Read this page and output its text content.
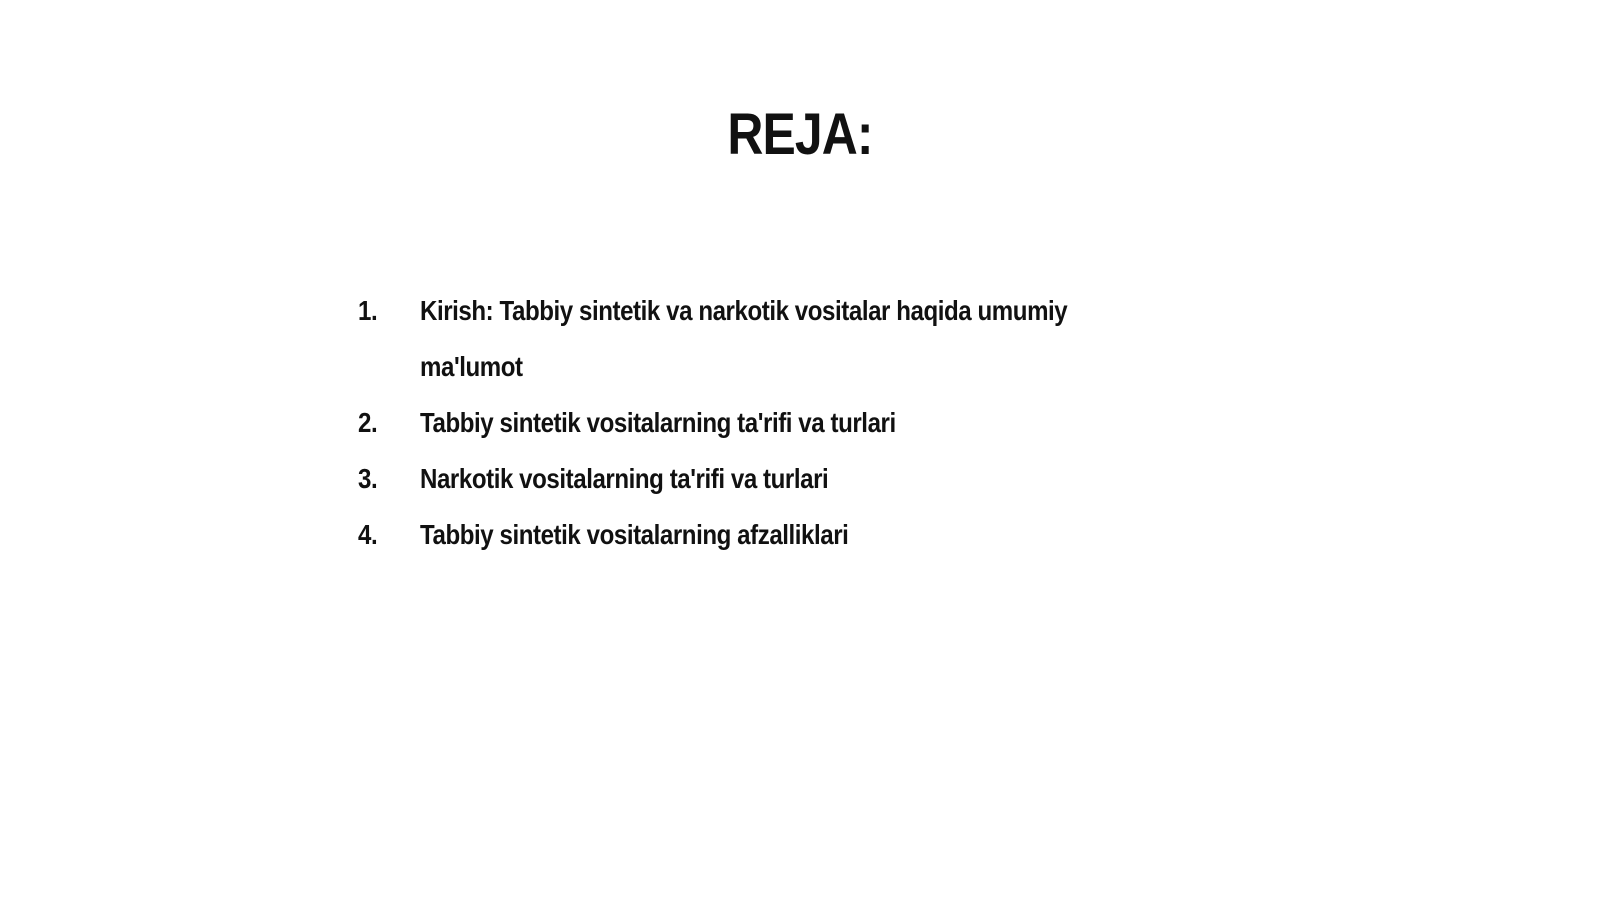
REJA:
1.	Kirish: Tabbiy sintetik va narkotik vositalar haqida umumiy
ma'lumot
2.	Tabbiy sintetik vositalarning ta'rifi va turlari
3.	Narkotik vositalarning ta'rifi va turlari
4.	Tabbiy sintetik vositalarning afzalliklari
